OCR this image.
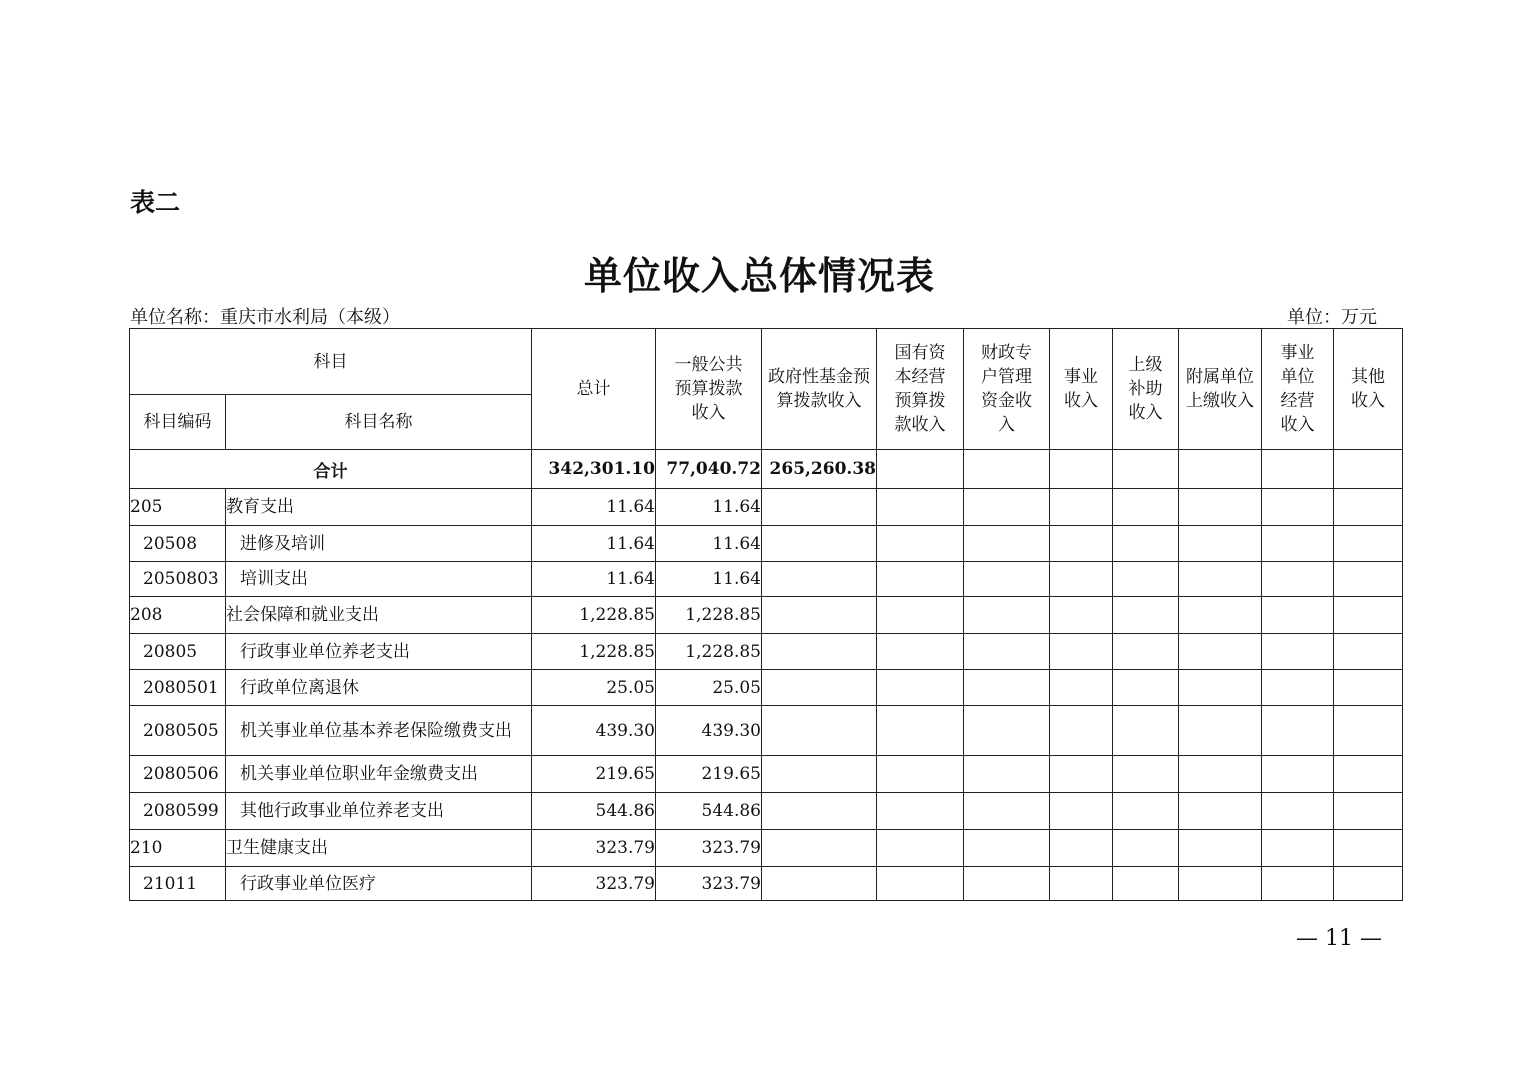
表二
单位收入总体情况表
单位名称：重庆市水利局（本级）	单位：万元
科目		总计	一般公共预算拨款收入	政府性基金预算拨款收入	国有资本经营预算拨款收入	财政专户管理资金收入	事业收入	上级补助收入	附属单位上缴收入	事业单位经营收入	其他收入
科目编码	科目名称										
合计		342,301.10	77,040.72	265,260.38							
205	教育支出	11.64	11.64								
20508	进修及培训	11.64	11.64								
2050803	培训支出	11.64	11.64								
208	社会保障和就业支出	1,228.85	1,228.85								
20805	行政事业单位养老支出	1,228.85	1,228.85								
2080501	行政单位离退休	25.05	25.05								
2080505	机关事业单位基本养老保险缴费支出	439.30	439.30								
2080506	机关事业单位职业年金缴费支出	219.65	219.65								
2080599	其他行政事业单位养老支出	544.86	544.86								
210	卫生健康支出	323.79	323.79								
21011	行政事业单位医疗	323.79	323.79								
— 11 —
